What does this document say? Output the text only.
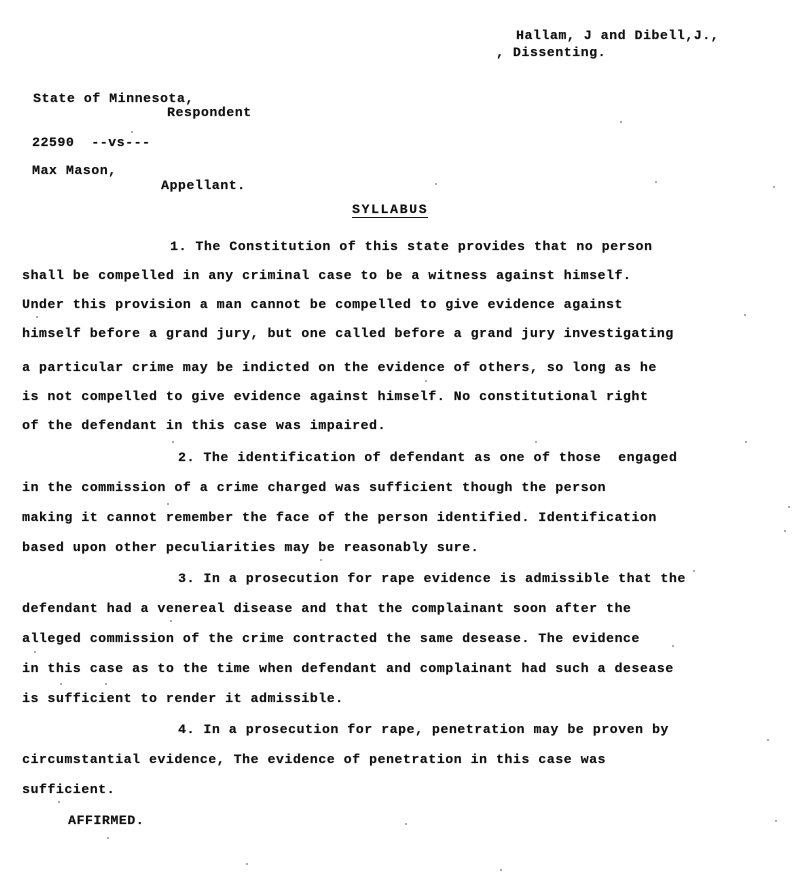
Hallam, J and Dibell,J.,
, Dissenting.
State of Minnesota,
Respondent
22590  --vs---
Max Mason,
Appellant.
SYLLABUS
1. The Constitution of this state provides that no person
shall be compelled in any criminal case to be a witness against himself.
Under this provision a man cannot be compelled to give evidence against
himself before a grand jury, but one called before a grand jury investigating
a particular crime may be indicted on the evidence of others, so long as he
is not compelled to give evidence against himself. No constitutional right
of the defendant in this case was impaired.
2. The identification of defendant as one of those  engaged
in the commission of a crime charged was sufficient though the person
making it cannot remember the face of the person identified. Identification
based upon other peculiarities may be reasonably sure.
3. In a prosecution for rape evidence is admissible that the
defendant had a venereal disease and that the complainant soon after the
alleged commission of the crime contracted the same desease. The evidence
in this case as to the time when defendant and complainant had such a desease
is sufficient to render it admissible.
4. In a prosecution for rape, penetration may be proven by
circumstantial evidence, The evidence of penetration in this case was
sufficient.
AFFIRMED.
